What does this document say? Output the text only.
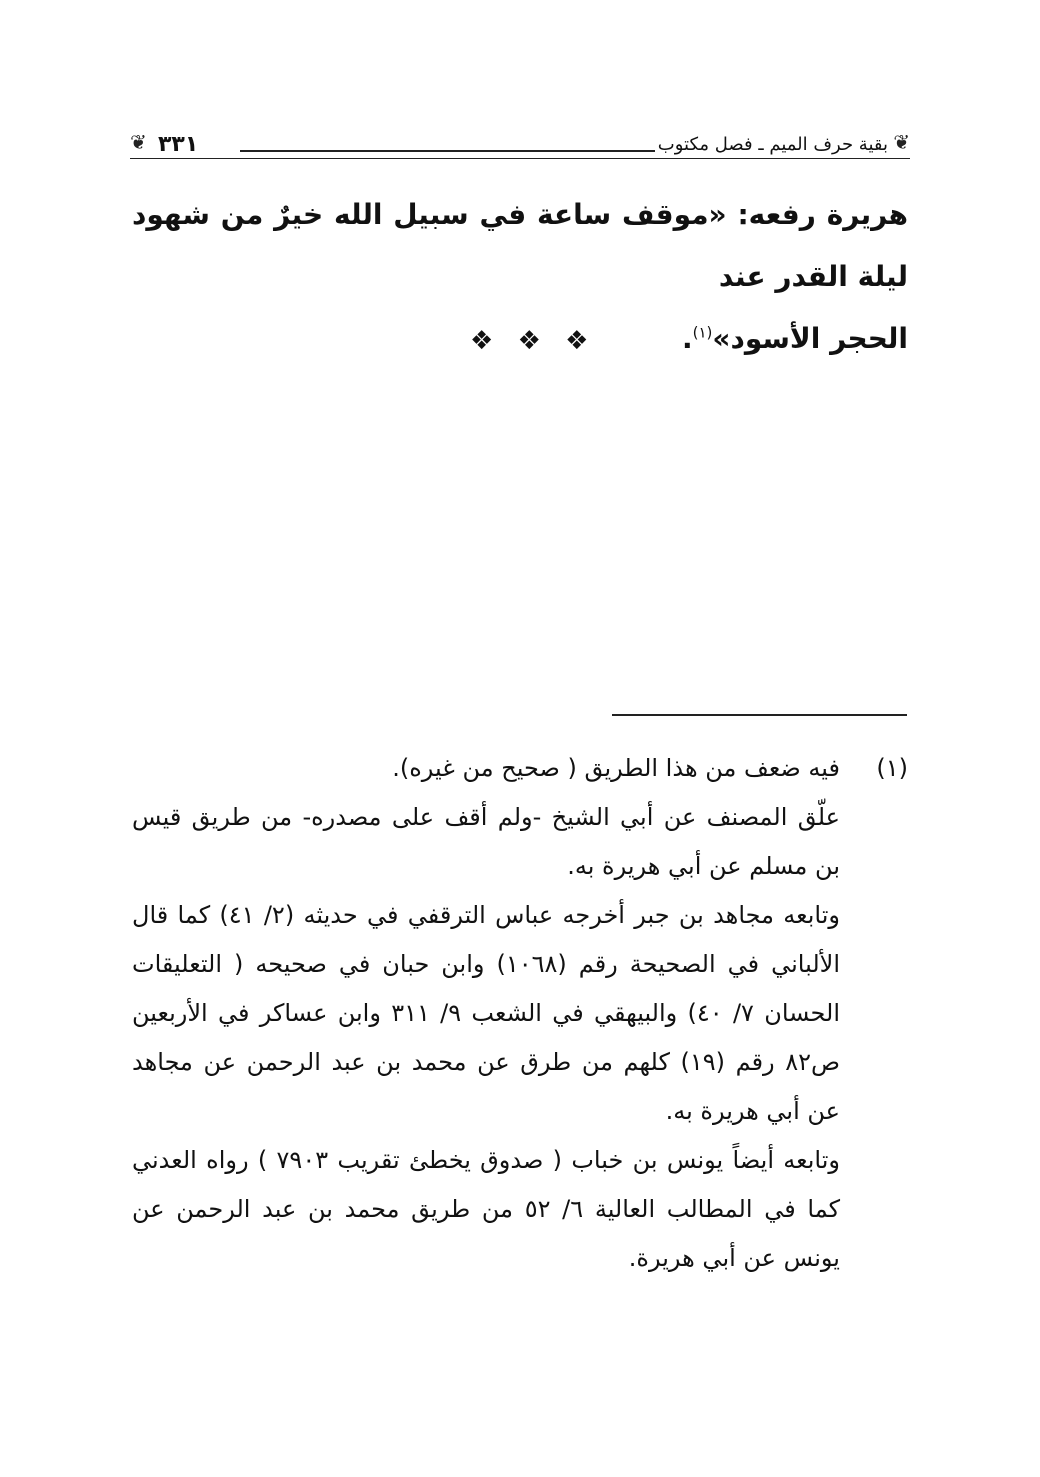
❦
بقية حرف الميم ـ فصل مكتوب
٣٣١
❦

هريرة رفعه: «موقف ساعة في سبيل الله خيرٌ من شهود ليلة القدر عند

الحجر الأسود»$^{(١)}$.

❖ ❖ ❖

(١)فيه ضعف من هذا الطريق ( صحيح من غيره).

علّق المصنف عن أبي الشيخ -ولم أقف على مصدره- من طريق قيس بن مسلم عن أبي هريرة به.

وتابعه مجاهد بن جبر أخرجه عباس الترقفي في حديثه (٢/ ٤١) كما قال الألباني في الصحيحة رقم (١٠٦٨) وابن حبان في صحيحه ( التعليقات الحسان ٧/ ٤٠) والبيهقي في الشعب ٩/ ٣١١ وابن عساكر في الأربعين ص٨٢ رقم (١٩) كلهم من طرق عن محمد بن عبد الرحمن عن مجاهد عن أبي هريرة به.

وتابعه أيضاً يونس بن خباب ( صدوق يخطئ تقريب ٧٩٠٣ ) رواه العدني كما في المطالب العالية ٦/ ٥٢ من طريق محمد بن عبد الرحمن عن يونس عن أبي هريرة.
